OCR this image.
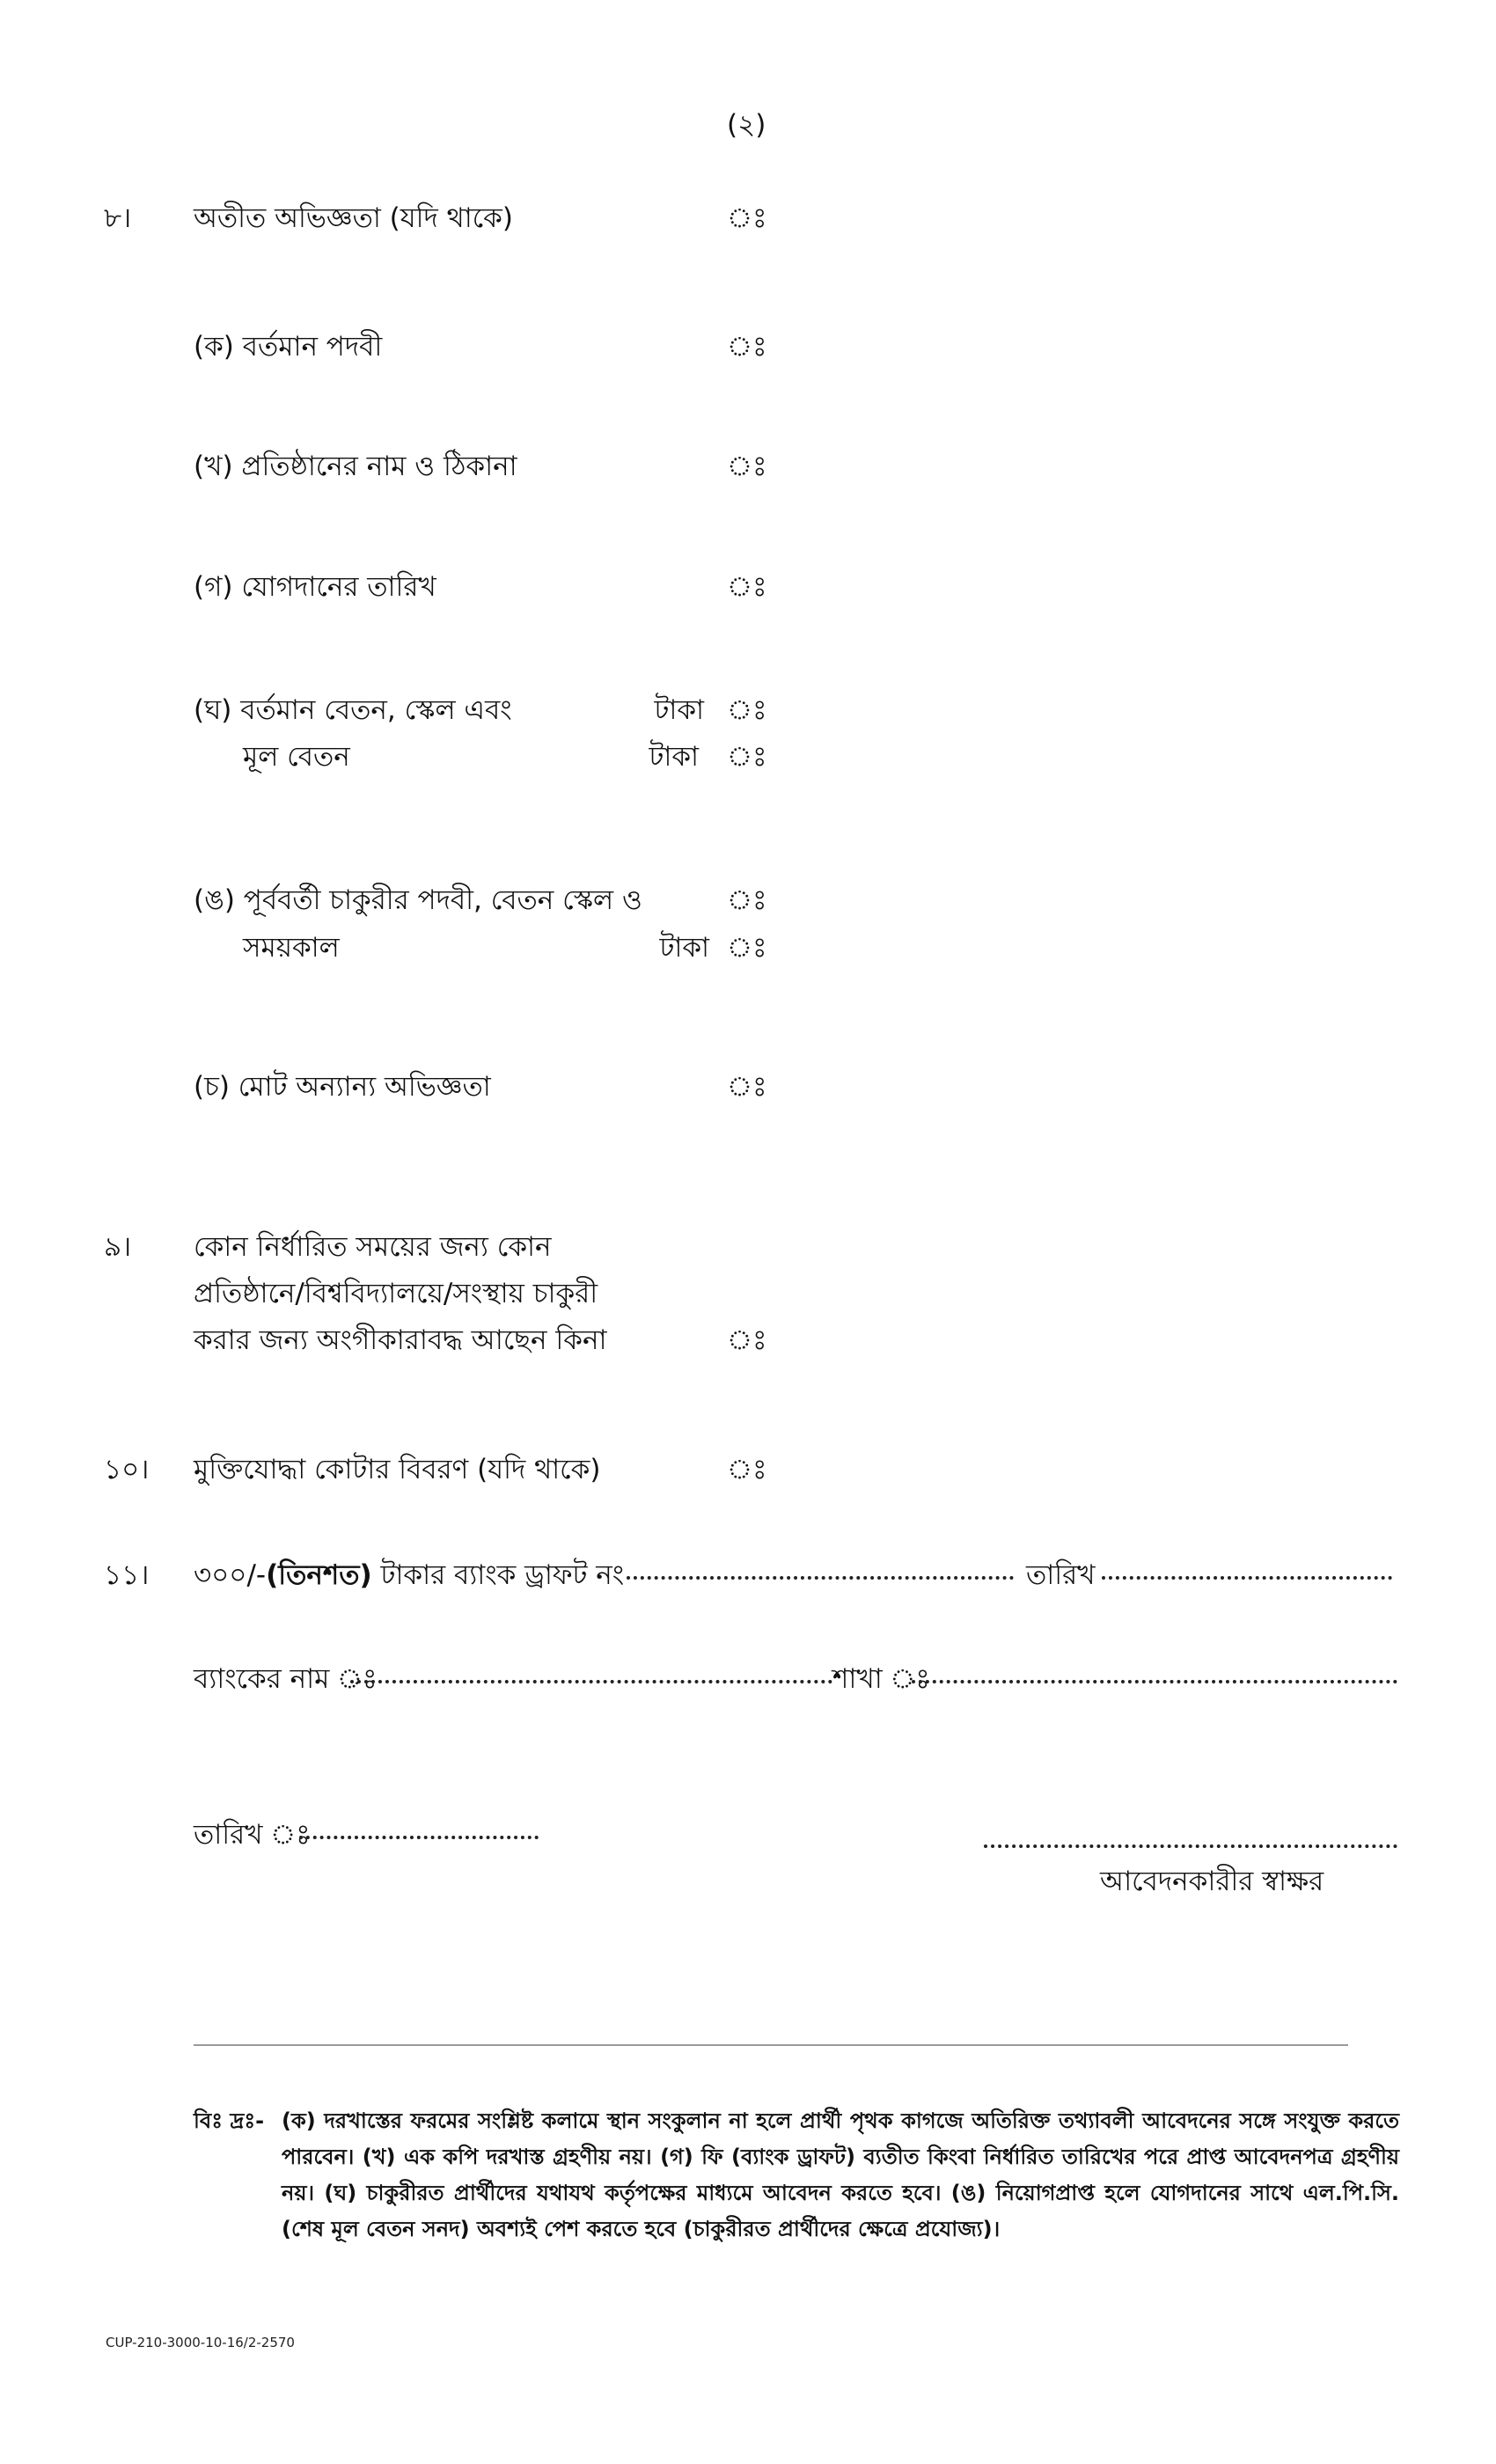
(২)
৮। অতীত অভিজ্ঞতা (যদি থাকে)	ঃ
(ক) বর্তমান পদবী	ঃ
(খ) প্রতিষ্ঠানের নাম ও ঠিকানা	ঃ
(গ) যোগদানের তারিখ	ঃ
(ঘ) বর্তমান বেতন, স্কেল এবং	টাকা ঃ
মূল বেতন	টাকা ঃ
(ঙ) পূর্ববর্তী চাকুরীর পদবী, বেতন স্কেল ও	ঃ
সময়কাল	টাকা ঃ
(চ) মোট অন্যান্য অভিজ্ঞতা	ঃ
৯। কোন নির্ধারিত সময়ের জন্য কোন
প্রতিষ্ঠানে/বিশ্ববিদ্যালয়ে/সংস্থায় চাকুরী
করার জন্য অংগীকারাবদ্ধ আছেন কিনা	ঃ
১০। মুক্তিযোদ্ধা কোটার বিবরণ (যদি থাকে)	ঃ
১১। ৩০০/-(তিনশত) টাকার ব্যাংক ড্রাফট নং	তারিখ
ব্যাংকের নাম ঃ	শাখা ঃ
তারিখ ঃ
আবেদনকারীর স্বাক্ষর
বিঃ দ্রঃ- (ক) দরখাস্তের ফরমের সংশ্লিষ্ট কলামে স্থান সংকুলান না হলে প্রার্থী পৃথক কাগজে অতিরিক্ত তথ্যাবলী আবেদনের সঙ্গে সংযুক্ত করতে পারবেন। (খ) এক কপি দরখাস্ত গ্রহণীয় নয়। (গ) ফি (ব্যাংক ড্রাফট) ব্যতীত কিংবা নির্ধারিত তারিখের পরে প্রাপ্ত আবেদনপত্র গ্রহণীয় নয়। (ঘ) চাকুরীরত প্রার্থীদের যথাযথ কর্তৃপক্ষের মাধ্যমে আবেদন করতে হবে। (ঙ) নিয়োগপ্রাপ্ত হলে যোগদানের সাথে এল.পি.সি. (শেষ মূল বেতন সনদ) অবশ্যই পেশ করতে হবে (চাকুরীরত প্রার্থীদের ক্ষেত্রে প্রযোজ্য)।
CUP-210-3000-10-16/2-2570
